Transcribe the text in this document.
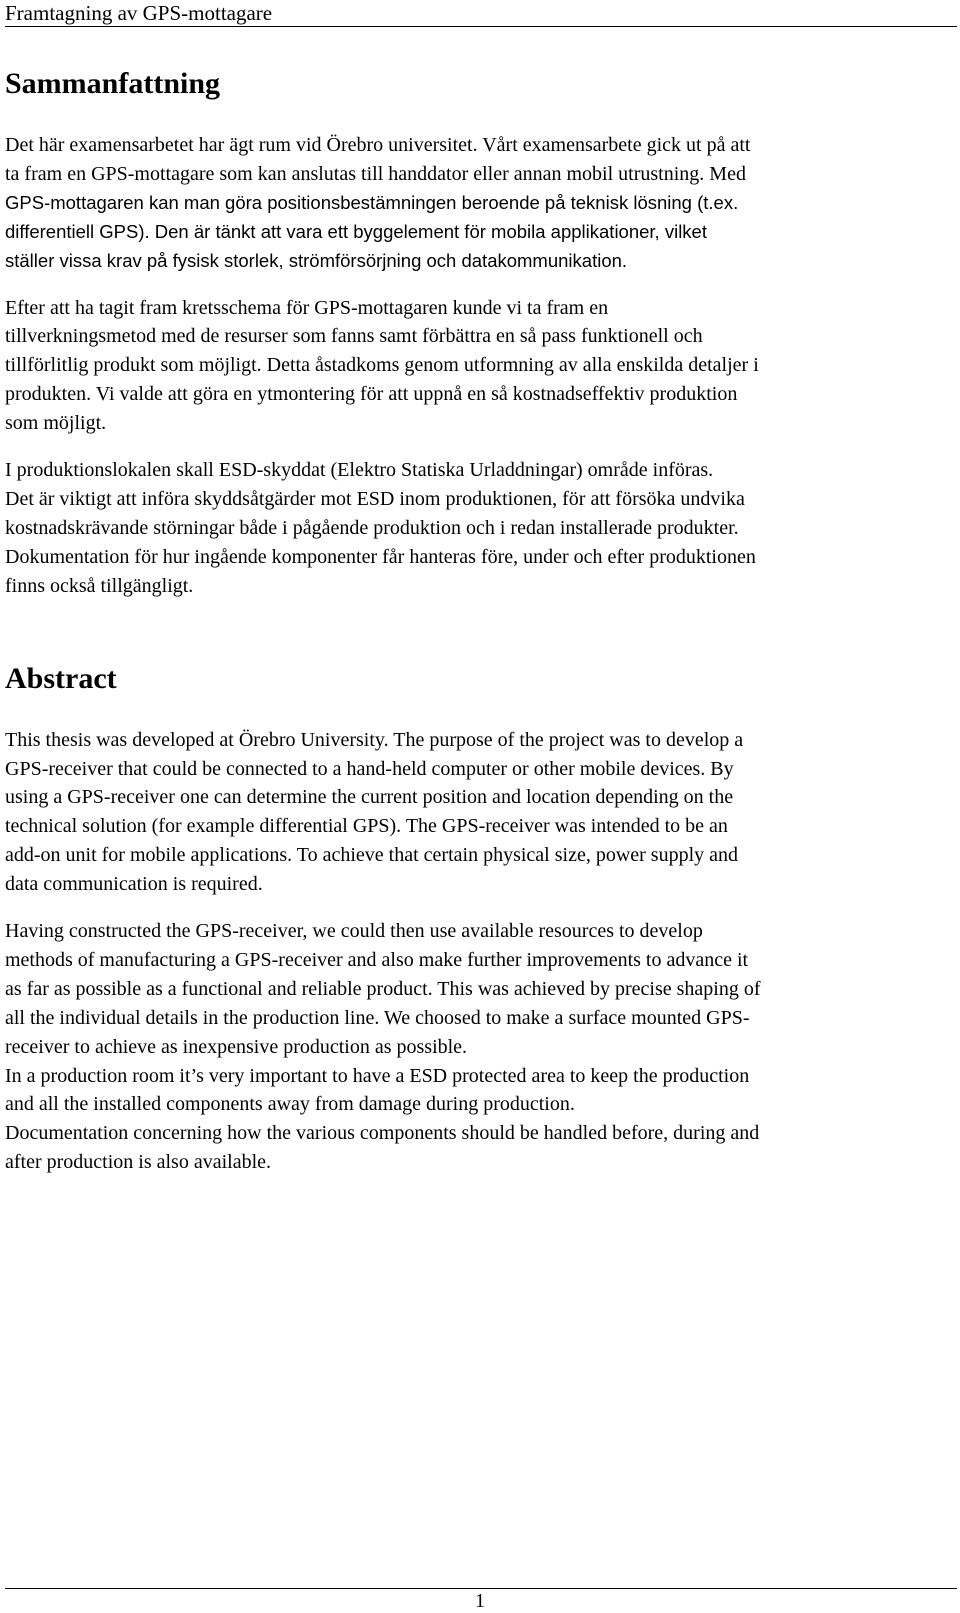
Framtagning av GPS-mottagare
Sammanfattning

Det här examensarbetet har ägt rum vid Örebro universitet. Vårt examensarbete gick ut på att
ta fram en GPS-mottagare som kan anslutas till handdator eller annan mobil utrustning. Med
GPS-mottagaren kan man göra positionsbestämningen beroende på teknisk lösning (t.ex.
differentiell GPS). Den är tänkt att vara ett byggelement för mobila applikationer, vilket
ställer vissa krav på fysisk storlek, strömförsörjning och datakommunikation.

Efter att ha tagit fram kretsschema för GPS-mottagaren kunde vi ta fram en
tillverkningsmetod med de resurser som fanns samt förbättra en så pass funktionell och
tillförlitlig produkt som möjligt. Detta åstadkoms genom utformning av alla enskilda detaljer i
produkten. Vi valde att göra en ytmontering för att uppnå en så kostnadseffektiv produktion
som möjligt.

I produktionslokalen skall ESD-skyddat (Elektro Statiska Urladdningar) område införas.
Det är viktigt att införa skyddsåtgärder mot ESD inom produktionen, för att försöka undvika
kostnadskrävande störningar både i pågående produktion och i redan installerade produkter.
Dokumentation för hur ingående komponenter får hanteras före, under och efter produktionen
finns också tillgängligt.

Abstract

This thesis was developed at Örebro University. The purpose of the project was to develop a
GPS-receiver that could be connected to a hand-held computer or other mobile devices. By
using a GPS-receiver one can determine the current position and location depending on the
technical solution (for example differential GPS). The GPS-receiver was intended to be an
add-on unit for mobile applications. To achieve that certain physical size, power supply and
data communication is required.

Having constructed the GPS-receiver, we could then use available resources to develop
methods of manufacturing a GPS-receiver and also make further improvements to advance it
as far as possible as a functional and reliable product. This was achieved by precise shaping of
all the individual details in the production line. We choosed to make a surface mounted GPS-
receiver to achieve as inexpensive production as possible.
In a production room it’s very important to have a ESD protected area to keep the production
and all the installed components away from damage during production.
Documentation concerning how the various components should be handled before, during and
after production is also available.

1
